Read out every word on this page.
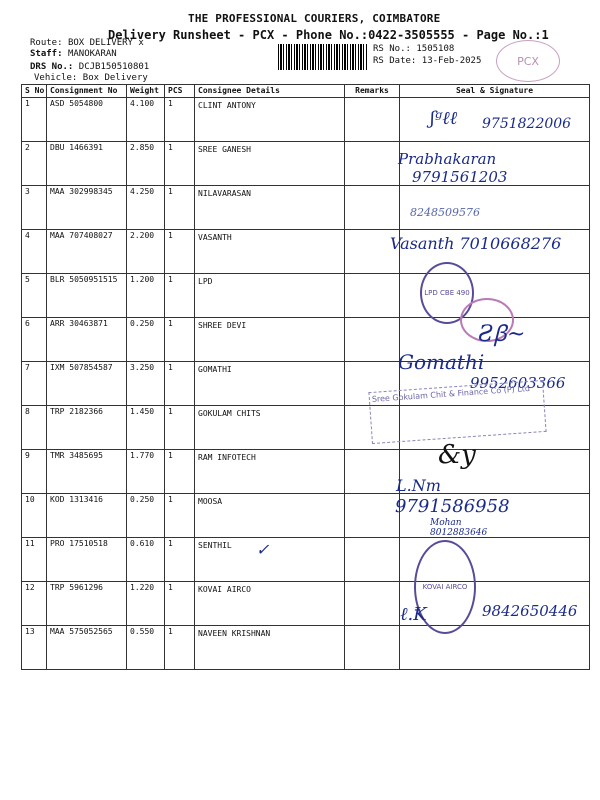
THE PROFESSIONAL COURIERS, COIMBATORE
Delivery Runsheet - PCX - Phone No.:0422-3505555 - Page No.:1
Route: BOX DELIVERY x
Staff: MANOKARAN
DRS No.: DCJB150510801
Vehicle: Box Delivery
RS No.: 1505108
RS Date: 13-Feb-2025	PCX
S No	Consignment No	Weight	PCS	Consignee Details	Remarks	Seal & Signature
1	ASD 5054800	4.100	1	CLINT ANTONY		
2	DBU 1466391	2.850	1	SREE GANESH		
3	MAA 302998345	4.250	1	NILAVARASAN		
4	MAA 707408027	2.200	1	VASANTH		
5	BLR 5050951515	1.200	1	LPD		
6	ARR 30463871	0.250	1	SHREE DEVI		
7	IXM 507854587	3.250	1	GOMATHI		
8	TRP 2182366	1.450	1	GOKULAM CHITS		
9	TMR 3485695	1.770	1	RAM INFOTECH		
10	KOD 1313416	0.250	1	MOOSA		
11	PRO 17510518	0.610	1	SENTHIL		
12	TRP 5961296	1.220	1	KOVAI AIRCO		
13	MAA 575052565	0.550	1	NAVEEN KRISHNAN		
ʃᵍℓℓ 9751822006
Prabhakaran
9791561203
8248509576
Vasanth 7010668276
LPD CBE 490
Ꙅꞵ~
Gomathi
9952603366
Sree Gokulam Chit & Finance Co (P) Ltd
&y
L.Nm
9791586958
Mohan 8012883646
✓
KOVAI AIRCO
ℓ.Ꝁ	9842650446
